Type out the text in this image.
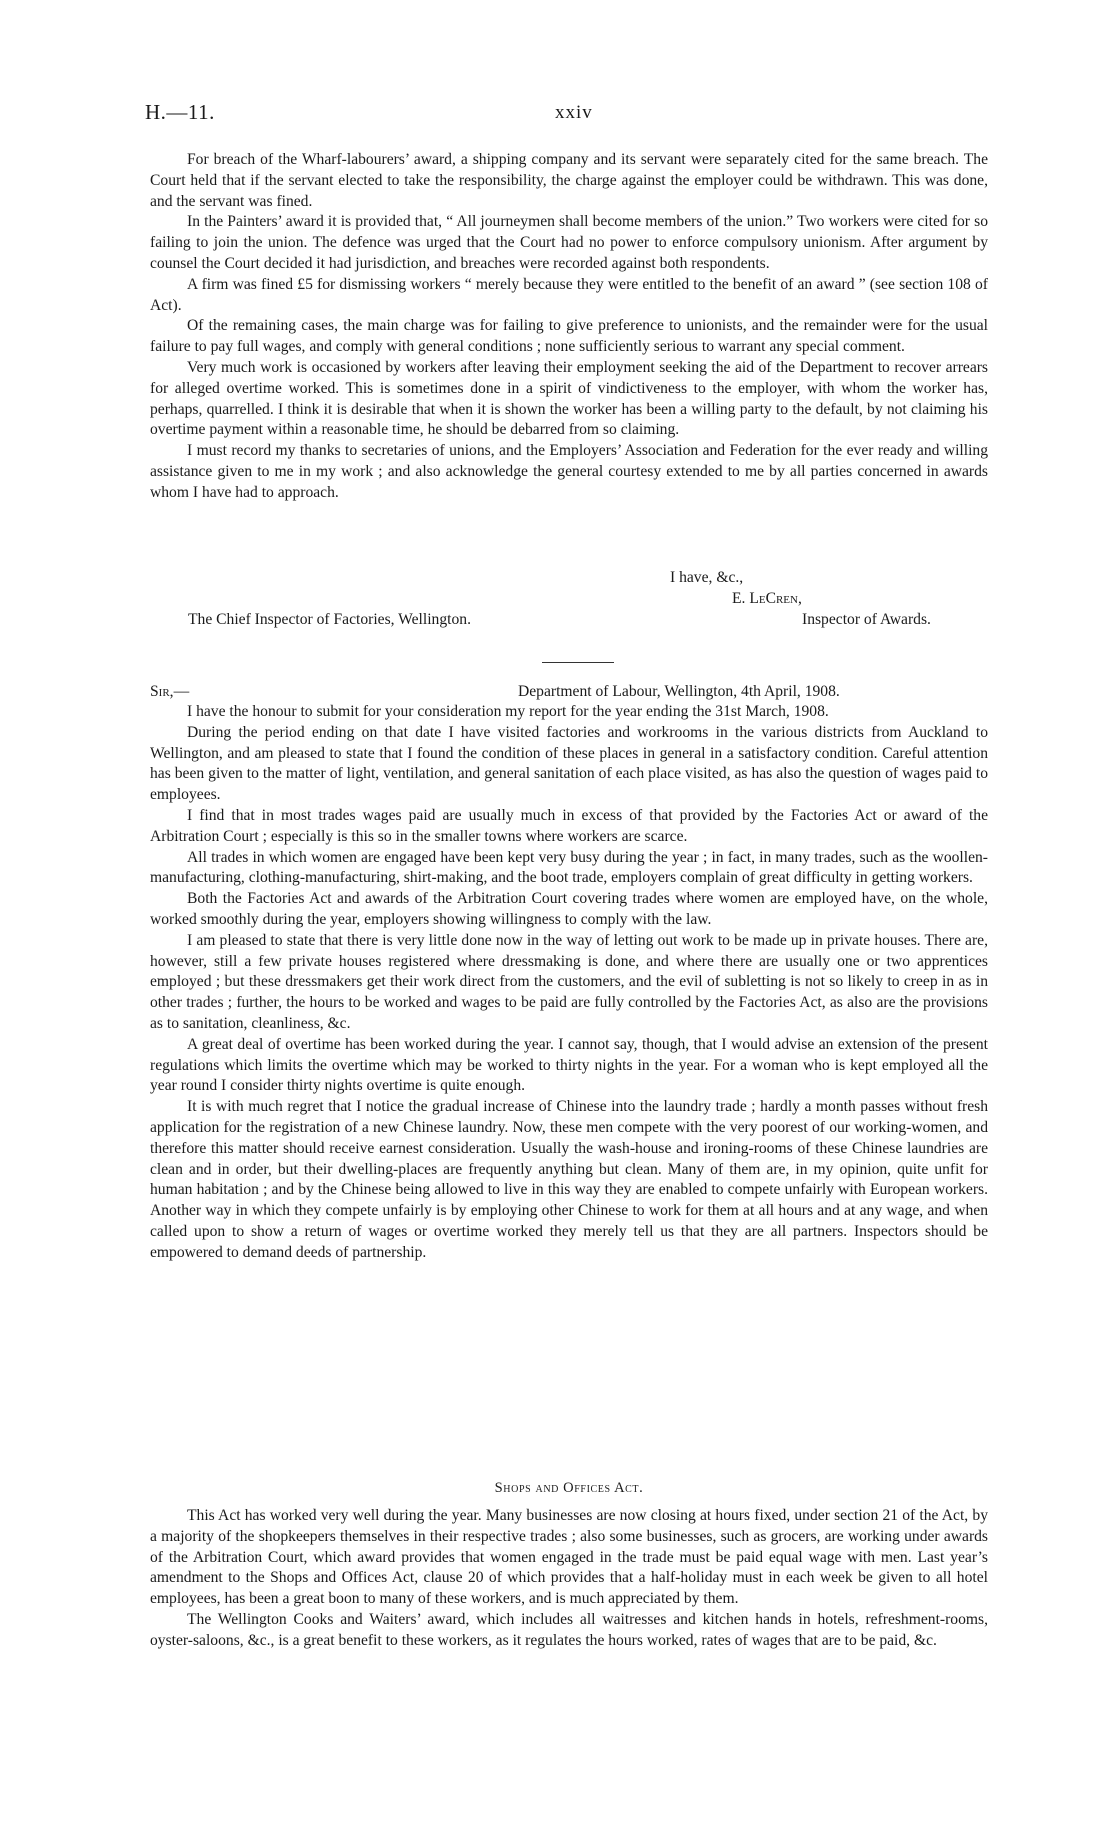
H.—11.	xxiv

For breach of the Wharf-labourers’ award, a shipping company and its servant were separately cited for the same breach. The Court held that if the servant elected to take the responsibility, the charge against the employer could be withdrawn. This was done, and the servant was fined.

In the Painters’ award it is provided that, “ All journeymen shall become members of the union.” Two workers were cited for so failing to join the union. The defence was urged that the Court had no power to enforce compulsory unionism. After argument by counsel the Court decided it had jurisdiction, and breaches were recorded against both respondents.

A firm was fined £5 for dismissing workers “ merely because they were entitled to the benefit of an award ” (see section 108 of Act).

Of the remaining cases, the main charge was for failing to give preference to unionists, and the remainder were for the usual failure to pay full wages, and comply with general conditions ; none sufficiently serious to warrant any special comment.

Very much work is occasioned by workers after leaving their employment seeking the aid of the Department to recover arrears for alleged overtime worked. This is sometimes done in a spirit of vindictiveness to the employer, with whom the worker has, perhaps, quarrelled. I think it is desirable that when it is shown the worker has been a willing party to the default, by not claiming his overtime payment within a reasonable time, he should be debarred from so claiming.

I must record my thanks to secretaries of unions, and the Employers’ Association and Federation for the ever ready and willing assistance given to me in my work ; and also acknowledge the general courtesy extended to me by all parties concerned in awards whom I have had to approach.

I have, &c.,
E. LeCren,
The Chief Inspector of Factories, Wellington.	Inspector of Awards.
Sir,—	Department of Labour, Wellington, 4th April, 1908.

I have the honour to submit for your consideration my report for the year ending the 31st March, 1908.

During the period ending on that date I have visited factories and workrooms in the various districts from Auckland to Wellington, and am pleased to state that I found the condition of these places in general in a satisfactory condition. Careful attention has been given to the matter of light, ventilation, and general sanitation of each place visited, as has also the question of wages paid to employees.

I find that in most trades wages paid are usually much in excess of that provided by the Factories Act or award of the Arbitration Court ; especially is this so in the smaller towns where workers are scarce.

All trades in which women are engaged have been kept very busy during the year ; in fact, in many trades, such as the woollen-manufacturing, clothing-manufacturing, shirt-making, and the boot trade, employers complain of great difficulty in getting workers.

Both the Factories Act and awards of the Arbitration Court covering trades where women are employed have, on the whole, worked smoothly during the year, employers showing willingness to comply with the law.

I am pleased to state that there is very little done now in the way of letting out work to be made up in private houses. There are, however, still a few private houses registered where dressmaking is done, and where there are usually one or two apprentices employed ; but these dressmakers get their work direct from the customers, and the evil of subletting is not so likely to creep in as in other trades ; further, the hours to be worked and wages to be paid are fully controlled by the Factories Act, as also are the provisions as to sanitation, cleanliness, &c.

A great deal of overtime has been worked during the year. I cannot say, though, that I would advise an extension of the present regulations which limits the overtime which may be worked to thirty nights in the year. For a woman who is kept employed all the year round I consider thirty nights overtime is quite enough.

It is with much regret that I notice the gradual increase of Chinese into the laundry trade ; hardly a month passes without fresh application for the registration of a new Chinese laundry. Now, these men compete with the very poorest of our working-women, and therefore this matter should receive earnest consideration. Usually the wash-house and ironing-rooms of these Chinese laundries are clean and in order, but their dwelling-places are frequently anything but clean. Many of them are, in my opinion, quite unfit for human habitation ; and by the Chinese being allowed to live in this way they are enabled to compete unfairly with European workers. Another way in which they compete unfairly is by employing other Chinese to work for them at all hours and at any wage, and when called upon to show a return of wages or overtime worked they merely tell us that they are all partners. Inspectors should be empowered to demand deeds of partnership.

Shops and Offices Act.

This Act has worked very well during the year. Many businesses are now closing at hours fixed, under section 21 of the Act, by a majority of the shopkeepers themselves in their respective trades ; also some businesses, such as grocers, are working under awards of the Arbitration Court, which award provides that women engaged in the trade must be paid equal wage with men. Last year’s amendment to the Shops and Offices Act, clause 20 of which provides that a half-holiday must in each week be given to all hotel employees, has been a great boon to many of these workers, and is much appreciated by them.

The Wellington Cooks and Waiters’ award, which includes all waitresses and kitchen hands in hotels, refreshment-rooms, oyster-saloons, &c., is a great benefit to these workers, as it regulates the hours worked, rates of wages that are to be paid, &c.
